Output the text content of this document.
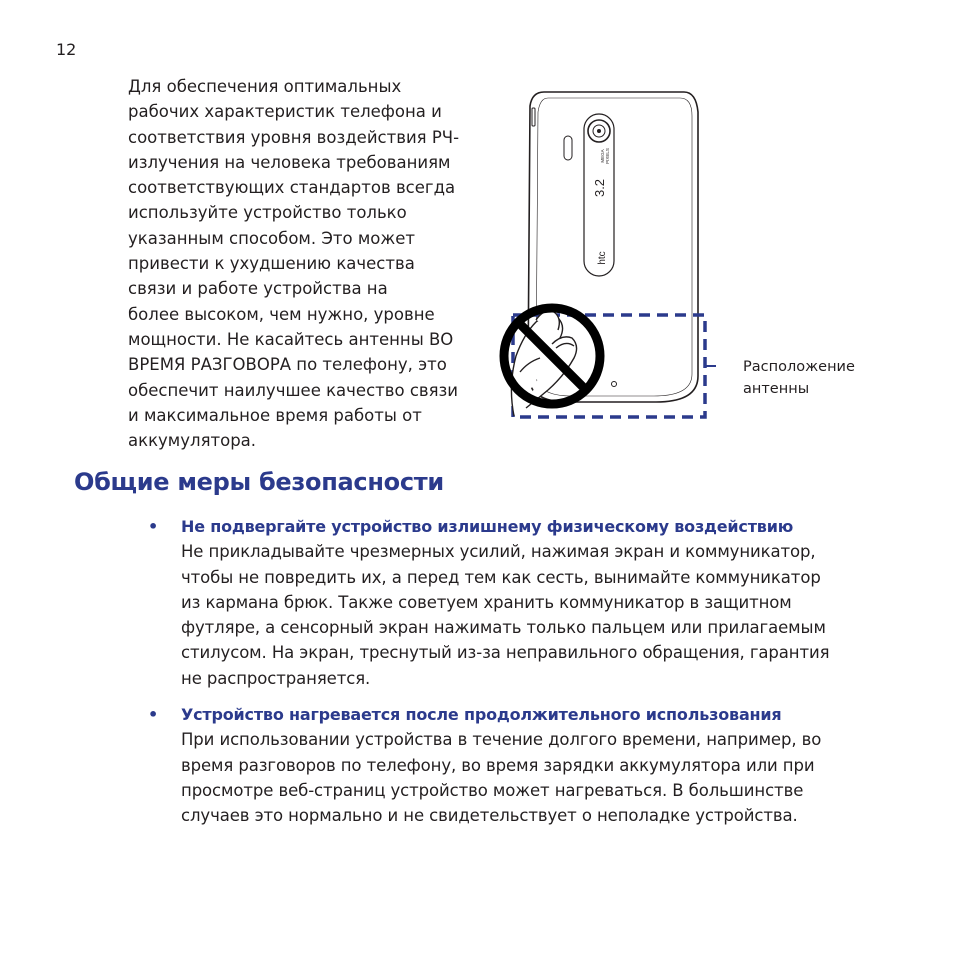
12

Для обеспечения оптимальных
рабочих характеристик телефона и
соответствия уровня воздействия РЧ-
излучения на человека требованиям
соответствующих стандартов всегда
используйте устройство только
указанным способом. Это может
привести к ухудшению качества
связи и работе устройства на
более высоком, чем нужно, уровне
мощности. Не касайтесь антенны ВО
ВРЕМЯ РАЗГОВОРА по телефону, это
обеспечит наилучшее качество связи
и максимальное время работы от
аккумулятора.

3.2
MEGA PIXELS
htc
Расположение
антенны
Общие меры безопасности
• Не подвергайте устройство излишнему физическому воздействию
Не прикладывайте чрезмерных усилий, нажимая экран и коммуникатор,
чтобы не повредить их, а перед тем как сесть, вынимайте коммуникатор
из кармана брюк. Также советуем хранить коммуникатор в защитном
футляре, а сенсорный экран нажимать только пальцем или прилагаемым
стилусом. На экран, треснутый из-за неправильного обращения, гарантия
не распространяется.
• Устройство нагревается после продолжительного использования
При использовании устройства в течение долгого времени, например, во
время разговоров по телефону, во время зарядки аккумулятора или при
просмотре веб-страниц устройство может нагреваться. В большинстве
случаев это нормально и не свидетельствует о неполадке устройства.
